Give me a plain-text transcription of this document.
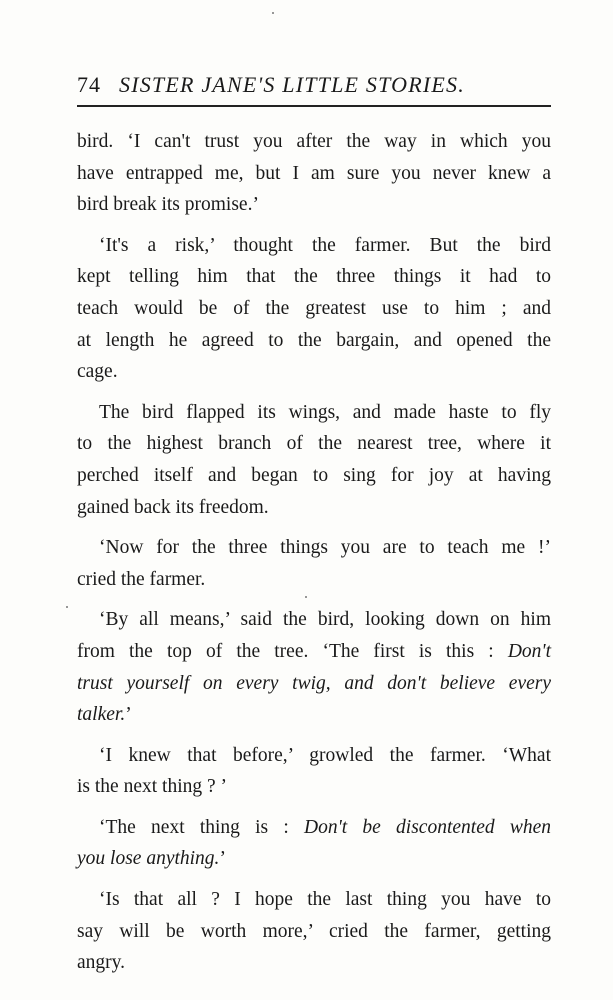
74 SISTER JANE'S LITTLE STORIES.
bird. ‘I can't trust you after the way in which you
have entrapped me, but I am sure you never knew a
bird break its promise.’
‘It's a risk,’ thought the farmer. But the bird
kept telling him that the three things it had to
teach would be of the greatest use to him ; and
at length he agreed to the bargain, and opened the
cage.
The bird flapped its wings, and made haste to fly
to the highest branch of the nearest tree, where it
perched itself and began to sing for joy at having
gained back its freedom.
‘Now for the three things you are to teach me !’
cried the farmer.
‘By all means,’ said the bird, looking down on him
from the top of the tree. ‘The first is this : Don't
trust yourself on every twig, and don't believe every
talker.’
‘I knew that before,’ growled the farmer. ‘What
is the next thing ? ’
‘The next thing is : Don't be discontented when
you lose anything.’
‘Is that all ? I hope the last thing you have to
say will be worth more,’ cried the farmer, getting
angry.
